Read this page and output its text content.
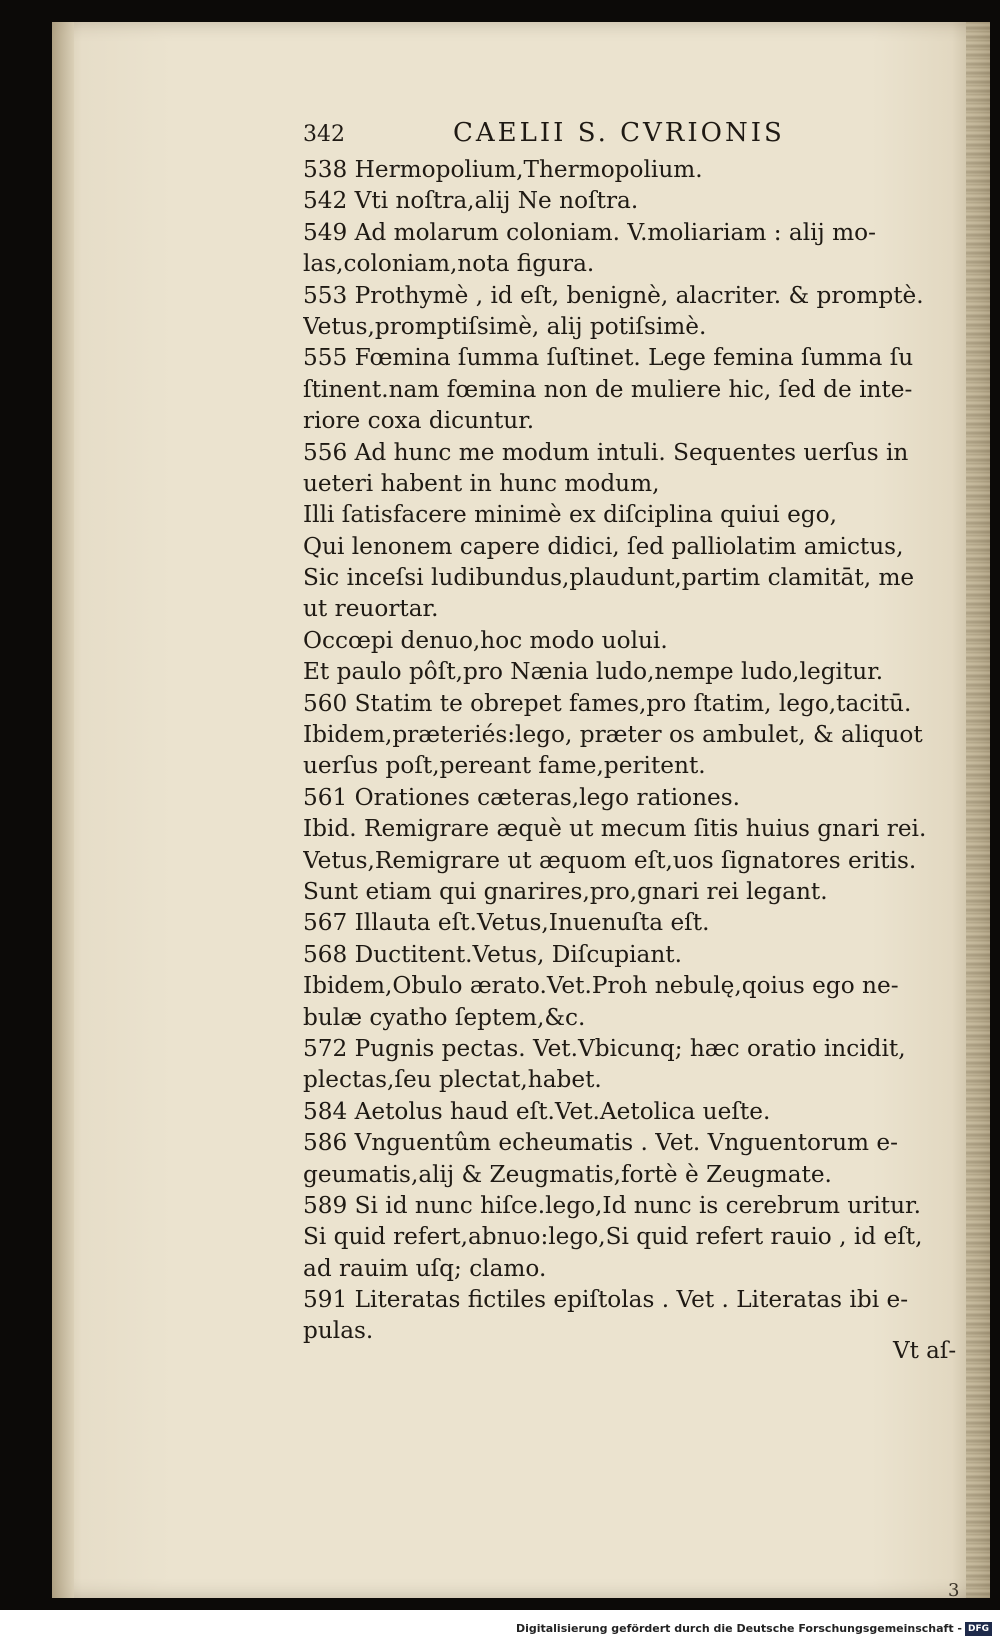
342	CAELII S. CVRIONIS
538 Hermopolium,Thermopolium.
542 Vti noſtra,alij Ne noſtra.
549 Ad molarum coloniam. V.moliariam : alij mo-
las,coloniam,nota figura.
553 Prothymè , id eſt, benignè, alacriter. & promptè.
Vetus,promptiſsimè, alij potiſsimè.
555 Fœmina ſumma ſuſtinet. Lege femina ſumma ſu
ſtinent.nam fœmina non de muliere hic, ſed de inte-
riore coxa dicuntur.
556 Ad hunc me modum intuli. Sequentes uerſus in
ueteri habent in hunc modum,
Illi ſatisfacere minimè ex diſciplina quiui ego,
Qui lenonem capere didici, ſed palliolatim amictus,
Sic inceſsi ludibundus,plaudunt,partim clamitāt, me
ut reuortar.
Occœpi denuo,hoc modo uolui.
Et paulo pôſt,pro Nænia ludo,nempe ludo,legitur.
560 Statim te obrepet fames,pro ſtatim, lego,tacitū.
Ibidem,præteriés:lego, præter os ambulet, & aliquot
uerſus poſt,pereant fame,peritent.
561 Orationes cæteras,lego rationes.
Ibid. Remigrare æquè ut mecum ſitis huius gnari rei.
Vetus,Remigrare ut æquom eſt,uos ſignatores eritis.
Sunt etiam qui gnarires,pro,gnari rei legant.
567 Illauta eſt.Vetus,Inuenuſta eſt.
568 Ductitent.Vetus, Diſcupiant.
Ibidem,Obulo ærato.Vet.Proh nebulę,qoius ego ne-
bulæ cyatho ſeptem,&c.
572 Pugnis pectas. Vet.Vbicunq; hæc oratio incidit,
plectas,ſeu plectat,habet.
584 Aetolus haud eſt.Vet.Aetolica ueſte.
586 Vnguentûm echeumatis . Vet. Vnguentorum e-
geumatis,alij & Zeugmatis,fortè è Zeugmate.
589 Si id nunc hiſce.lego,Id nunc is cerebrum uritur.
Si quid refert,abnuo:lego,Si quid refert rauio , id eſt,
ad rauim uſq; clamo.
591 Literatas fictiles epiſtolas . Vet . Literatas ibi e-
pulas.
Vt aſ-
3
Digitalisierung gefördert durch die Deutsche Forschungsgemeinschaft - DFG
